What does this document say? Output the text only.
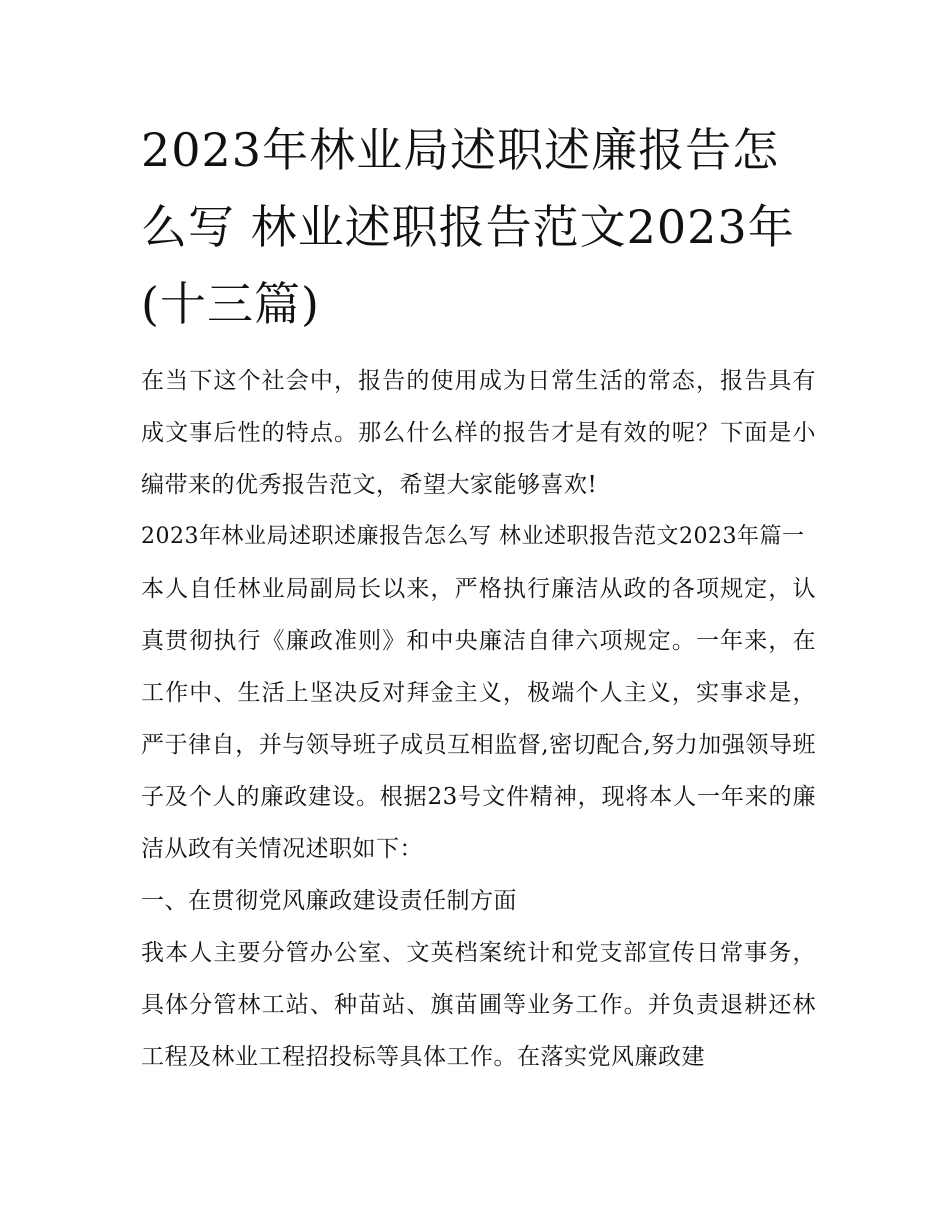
2023年林业局述职述廉报告怎么写 林业述职报告范文2023年(十三篇)

在当下这个社会中，报告的使用成为日常生活的常态，报告具有成文事后性的特点。那么什么样的报告才是有效的呢？下面是小编带来的优秀报告范文，希望大家能够喜欢!

2023年林业局述职述廉报告怎么写 林业述职报告范文2023年篇一

本人自任林业局副局长以来，严格执行廉洁从政的各项规定，认真贯彻执行《廉政准则》和中央廉洁自律六项规定。一年来，在工作中、生活上坚决反对拜金主义，极端个人主义，实事求是，严于律自，并与领导班子成员互相监督,密切配合,努力加强领导班子及个人的廉政建设。根据23号文件精神，现将本人一年来的廉洁从政有关情况述职如下：

一、在贯彻党风廉政建设责任制方面

我本人主要分管办公室、文英档案统计和党支部宣传日常事务，具体分管林工站、种苗站、旗苗圃等业务工作。并负责退耕还林工程及林业工程招投标等具体工作。在落实党风廉政建
